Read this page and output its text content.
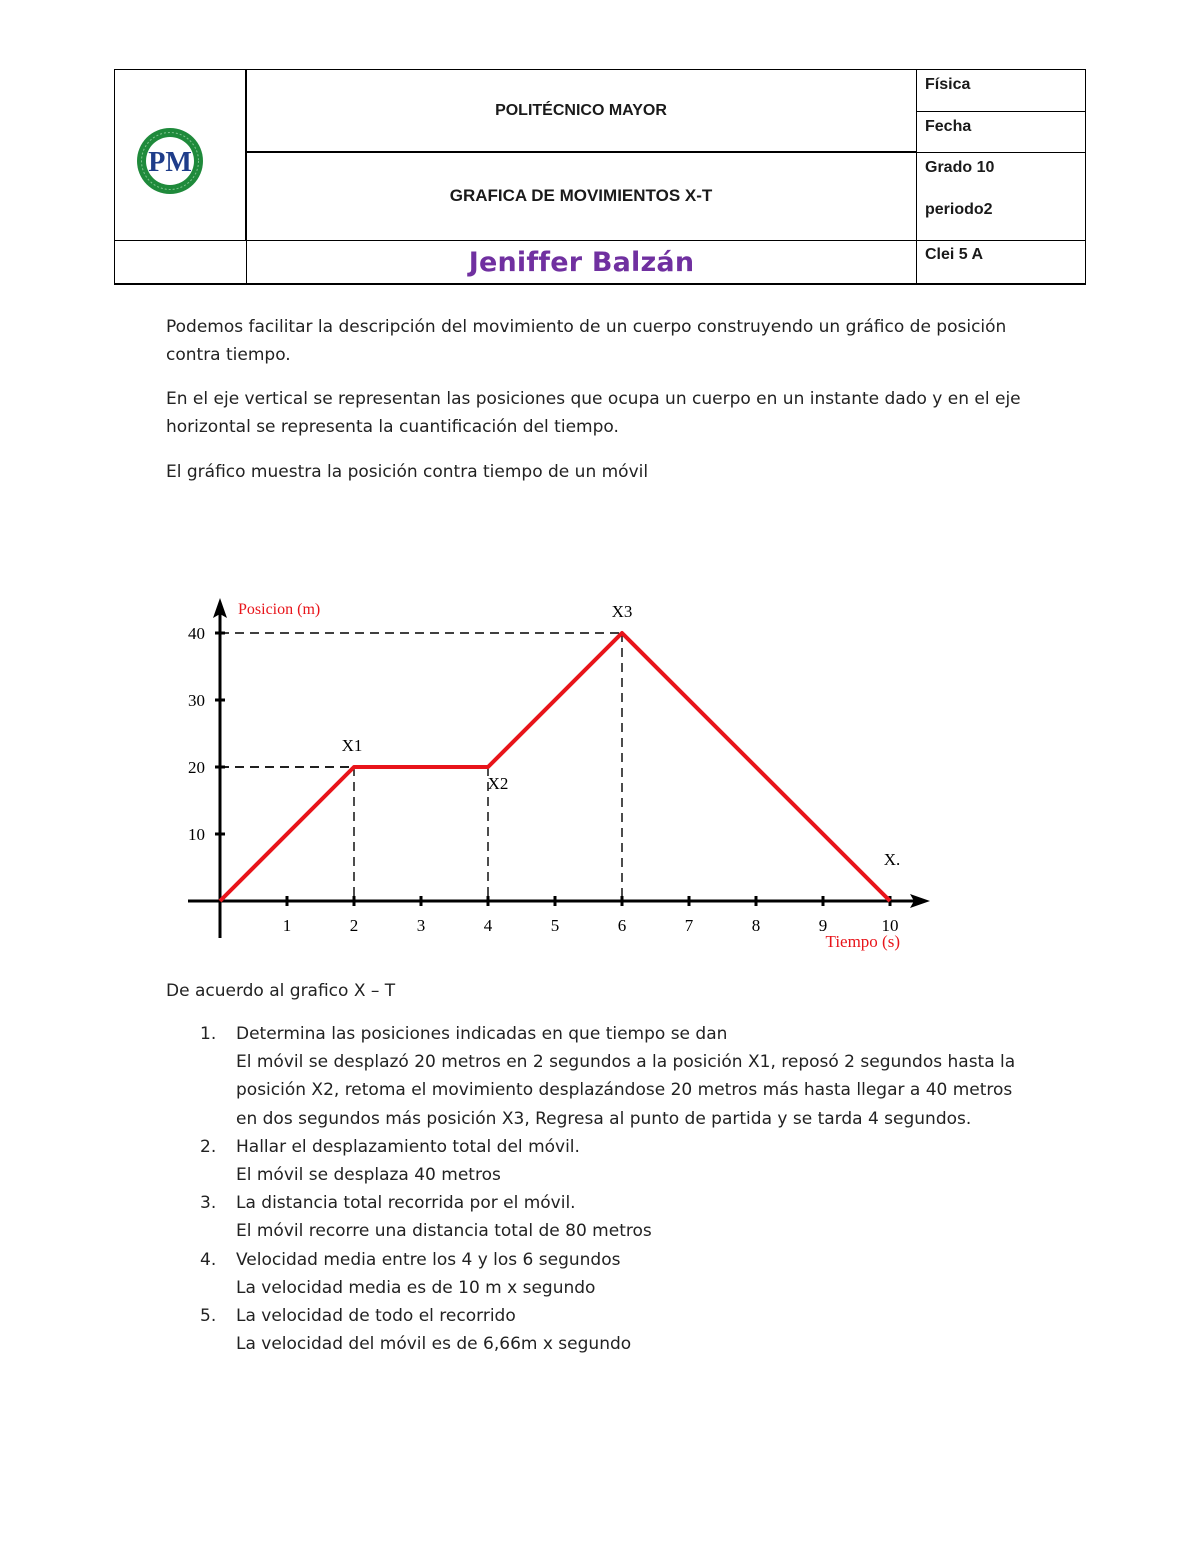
PM
POLITÉCNICO MAYOR
GRAFICA DE MOVIMIENTOS X-T
Física
Fecha
Grado 10
periodo2
Jeniffer Balzán	Clei 5 A
Podemos facilitar la descripción del movimiento de un cuerpo construyendo un gráfico de posición contra tiempo.
En el eje vertical se representan las posiciones que ocupa un cuerpo en un instante dado y en el eje horizontal se representa la cuantificación del tiempo.
El gráfico muestra la posición contra tiempo de un móvil
1	2	3	4	5	6	7	8	9	10
10
20
30
40
X1
X2
X3
X.
Posicion (m)
Tiempo (s)
De acuerdo al grafico X – T
1. Determina las posiciones indicadas en que tiempo se dan
El móvil se desplazó 20 metros en 2 segundos a la posición X1, reposó 2 segundos hasta la posición X2, retoma el movimiento desplazándose 20 metros más hasta llegar a 40 metros en dos segundos más posición X3, Regresa al punto de partida y se tarda 4 segundos.
2. Hallar el desplazamiento total del móvil.
El móvil se desplaza 40 metros
3. La distancia total recorrida por el móvil.
El móvil recorre una distancia total de 80 metros
4. Velocidad media entre los 4 y los 6 segundos
La velocidad media es de 10 m x segundo
5. La velocidad de todo el recorrido
La velocidad del móvil es de 6,66m x segundo
